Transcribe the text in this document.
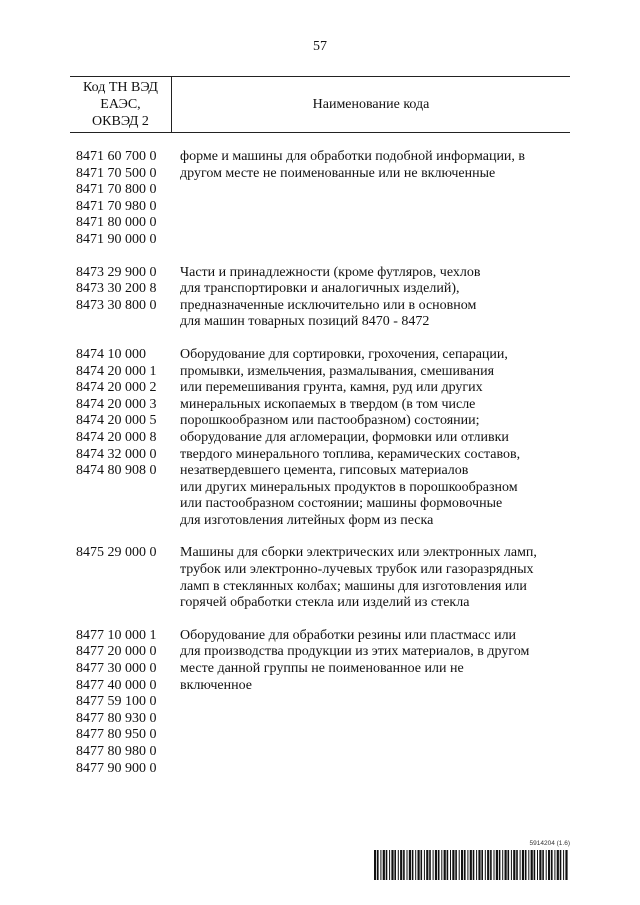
57
Код ТН ВЭД
ЕАЭС,
ОКВЭД 2
Наименование кода
8471 60 700 0
8471 70 500 0
8471 70 800 0
8471 70 980 0
8471 80 000 0
8471 90 000 0
форме и машины для обработки подобной информации, в
другом месте не поименованные или не включенные
8473 29 900 0
8473 30 200 8
8473 30 800 0
Части и принадлежности (кроме футляров, чехлов
для транспортировки и аналогичных изделий),
предназначенные исключительно или в основном
для машин товарных позиций 8470 - 8472
8474 10 000
8474 20 000 1
8474 20 000 2
8474 20 000 3
8474 20 000 5
8474 20 000 8
8474 32 000 0
8474 80 908 0
Оборудование для сортировки, грохочения, сепарации,
промывки, измельчения, размалывания, смешивания
или перемешивания грунта, камня, руд или других
минеральных ископаемых в твердом (в том числе
порошкообразном или пастообразном) состоянии;
оборудование для агломерации, формовки или отливки
твердого минерального топлива, керамических составов,
незатвердевшего цемента, гипсовых материалов
или других минеральных продуктов в порошкообразном
или пастообразном состоянии; машины формовочные
для изготовления литейных форм из песка
8475 29 000 0	Машины для сборки электрических или электронных ламп,
трубок или электронно-лучевых трубок или газоразрядных
ламп в стеклянных колбах; машины для изготовления или
горячей обработки стекла или изделий из стекла
8477 10 000 1
8477 20 000 0
8477 30 000 0
8477 40 000 0
8477 59 100 0
8477 80 930 0
8477 80 950 0
8477 80 980 0
8477 90 900 0
Оборудование для обработки резины или пластмасс или
для производства продукции из этих материалов, в другом
месте данной группы не поименованное или не
включенное
5914204 (1.6)
